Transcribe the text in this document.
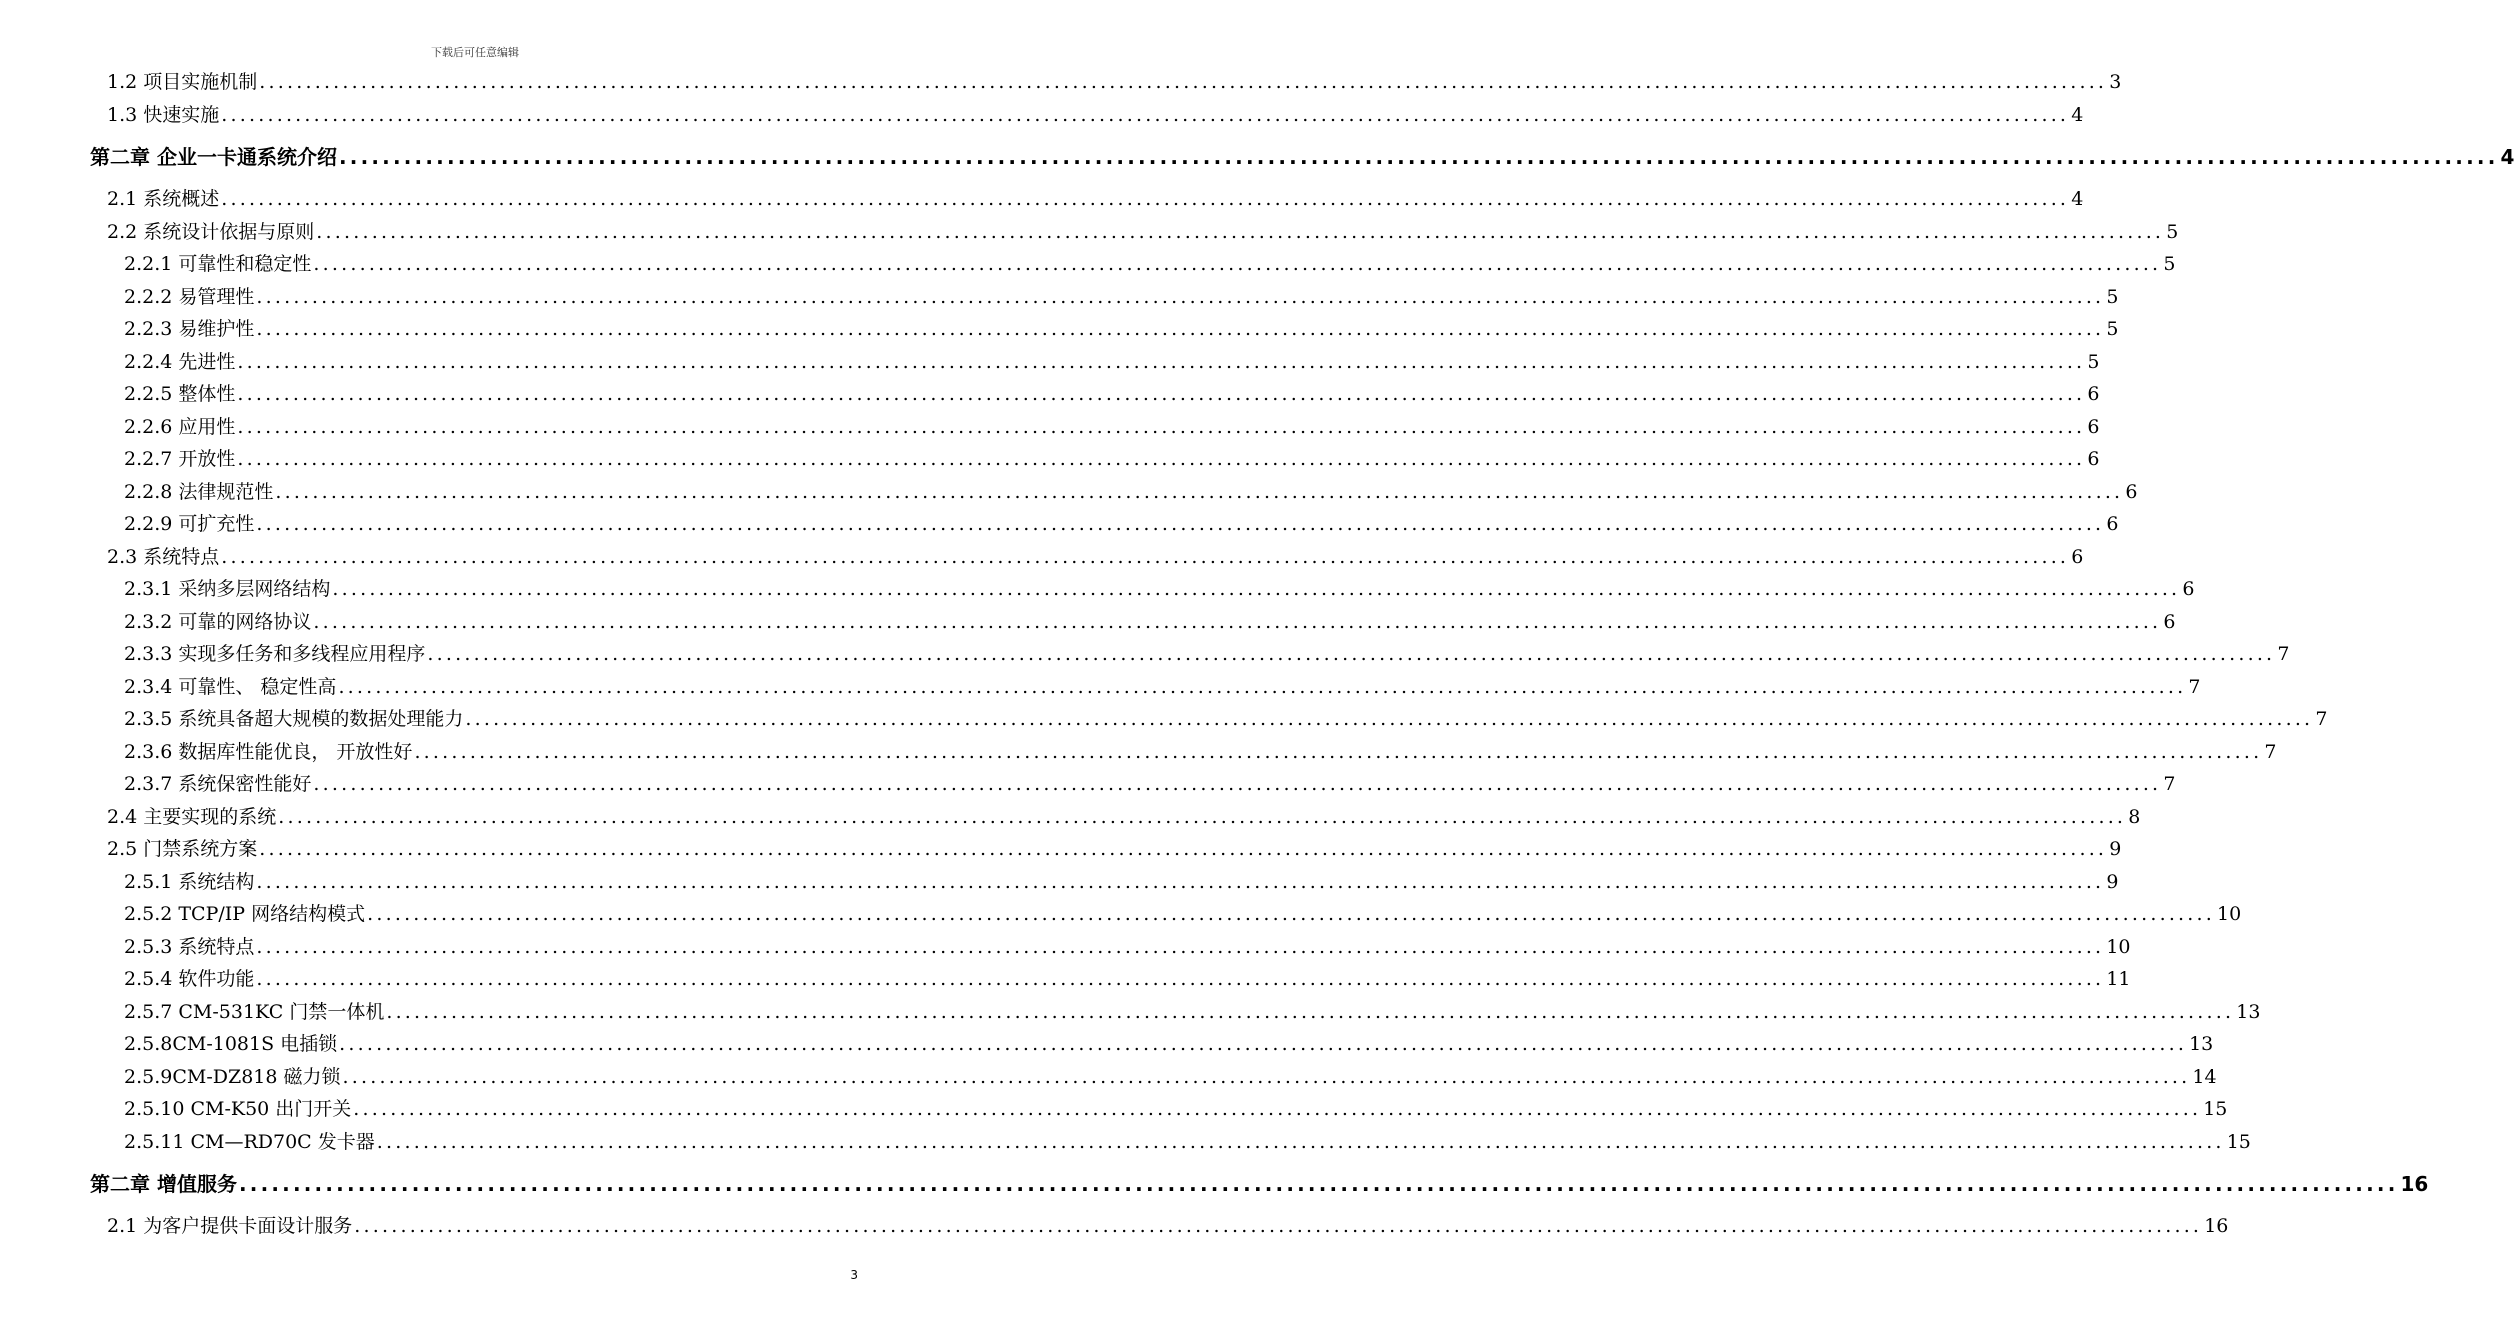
下载后可任意编辑
1.2 项目实施机制 ........................................................................................................................................................................................................ 3
1.3 快速实施 ........................................................................................................................................................................................................ 4
第二章 企业一卡通系统介绍 ........................................................................................................................................................................................................ 4
2.1 系统概述 ........................................................................................................................................................................................................ 4
2.2 系统设计依据与原则 ........................................................................................................................................................................................................ 5
2.2.1 可靠性和稳定性 ........................................................................................................................................................................................................ 5
2.2.2 易管理性 ........................................................................................................................................................................................................ 5
2.2.3 易维护性 ........................................................................................................................................................................................................ 5
2.2.4 先进性 ........................................................................................................................................................................................................ 5
2.2.5 整体性 ........................................................................................................................................................................................................ 6
2.2.6 应用性 ........................................................................................................................................................................................................ 6
2.2.7 开放性 ........................................................................................................................................................................................................ 6
2.2.8 法律规范性 ........................................................................................................................................................................................................ 6
2.2.9 可扩充性 ........................................................................................................................................................................................................ 6
2.3 系统特点 ........................................................................................................................................................................................................ 6
2.3.1 采纳多层网络结构 ........................................................................................................................................................................................................ 6
2.3.2 可靠的网络协议 ........................................................................................................................................................................................................ 6
2.3.3 实现多任务和多线程应用程序 ........................................................................................................................................................................................................ 7
2.3.4 可靠性、 稳定性高 ........................................................................................................................................................................................................ 7
2.3.5 系统具备超大规模的数据处理能力 ........................................................................................................................................................................................................ 7
2.3.6 数据库性能优良， 开放性好 ........................................................................................................................................................................................................ 7
2.3.7 系统保密性能好 ........................................................................................................................................................................................................ 7
2.4 主要实现的系统 ........................................................................................................................................................................................................ 8
2.5 门禁系统方案 ........................................................................................................................................................................................................ 9
2.5.1 系统结构 ........................................................................................................................................................................................................ 9
2.5.2 TCP/IP 网络结构模式 ........................................................................................................................................................................................................ 10
2.5.3 系统特点 ........................................................................................................................................................................................................ 10
2.5.4 软件功能 ........................................................................................................................................................................................................ 11
2.5.7 CM-531KC 门禁一体机 ........................................................................................................................................................................................................ 13
2.5.8CM-1081S 电插锁 ........................................................................................................................................................................................................ 13
2.5.9CM-DZ818 磁力锁 ........................................................................................................................................................................................................ 14
2.5.10 CM-K50 出门开关 ........................................................................................................................................................................................................ 15
2.5.11 CM—RD70C 发卡器 ........................................................................................................................................................................................................ 15
第二章 增值服务 ........................................................................................................................................................................................................ 16
2.1 为客户提供卡面设计服务 ........................................................................................................................................................................................................ 16
3
